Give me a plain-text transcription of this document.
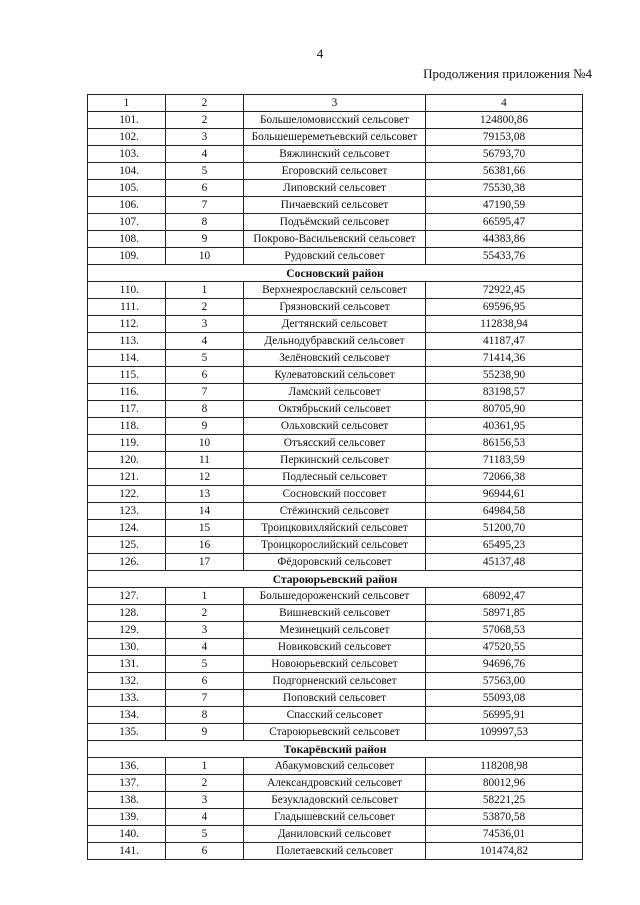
4
Продолжения приложения №4
1	2	3	4
101.	2	Большеломовисский сельсовет	124800,86
102.	3	Большешереметьевский сельсовет	79153,08
103.	4	Вяжлинский сельсовет	56793,70
104.	5	Егоровский сельсовет	56381,66
105.	6	Липовский сельсовет	75530,38
106.	7	Пичаевский сельсовет	47190,59
107.	8	Подъёмский сельсовет	66595,47
108.	9	Покрово-Васильевский сельсовет	44383,86
109.	10	Рудовский сельсовет	55433,76
Сосновский район			
110.	1	Верхнеярославский сельсовет	72922,45
111.	2	Грязновский сельсовет	69596,95
112.	3	Дегтянский сельсовет	112838,94
113.	4	Дельнодубравский сельсовет	41187,47
114.	5	Зелёновский сельсовет	71414,36
115.	6	Кулеватовский сельсовет	55238,90
116.	7	Ламский сельсовет	83198,57
117.	8	Октябрьский сельсовет	80705,90
118.	9	Ольховский сельсовет	40361,95
119.	10	Отъясский сельсовет	86156,53
120.	11	Перкинский сельсовет	71183,59
121.	12	Подлесный сельсовет	72066,38
122.	13	Сосновский поссовет	96944,61
123.	14	Стёжинский сельсовет	64984,58
124.	15	Троицковихляйский сельсовет	51200,70
125.	16	Троицкорослийский сельсовет	65495,23
126.	17	Фёдоровский сельсовет	45137,48
Староюрьевский район			
127.	1	Большедороженский сельсовет	68092,47
128.	2	Вишневский сельсовет	58971,85
129.	3	Мезинецкий сельсовет	57068,53
130.	4	Новиковский сельсовет	47520,55
131.	5	Новоюрьевский сельсовет	94696,76
132.	6	Подгорненский сельсовет	57563,00
133.	7	Поповский сельсовет	55093,08
134.	8	Спасский сельсовет	56995,91
135.	9	Староюрьевский сельсовет	109997,53
Токарёвский район			
136.	1	Абакумовский сельсовет	118208,98
137.	2	Александровский сельсовет	80012,96
138.	3	Безукладовский сельсовет	58221,25
139.	4	Гладышевский сельсовет	53870,58
140.	5	Даниловский сельсовет	74536,01
141.	6	Полетаевский сельсовет	101474,82
